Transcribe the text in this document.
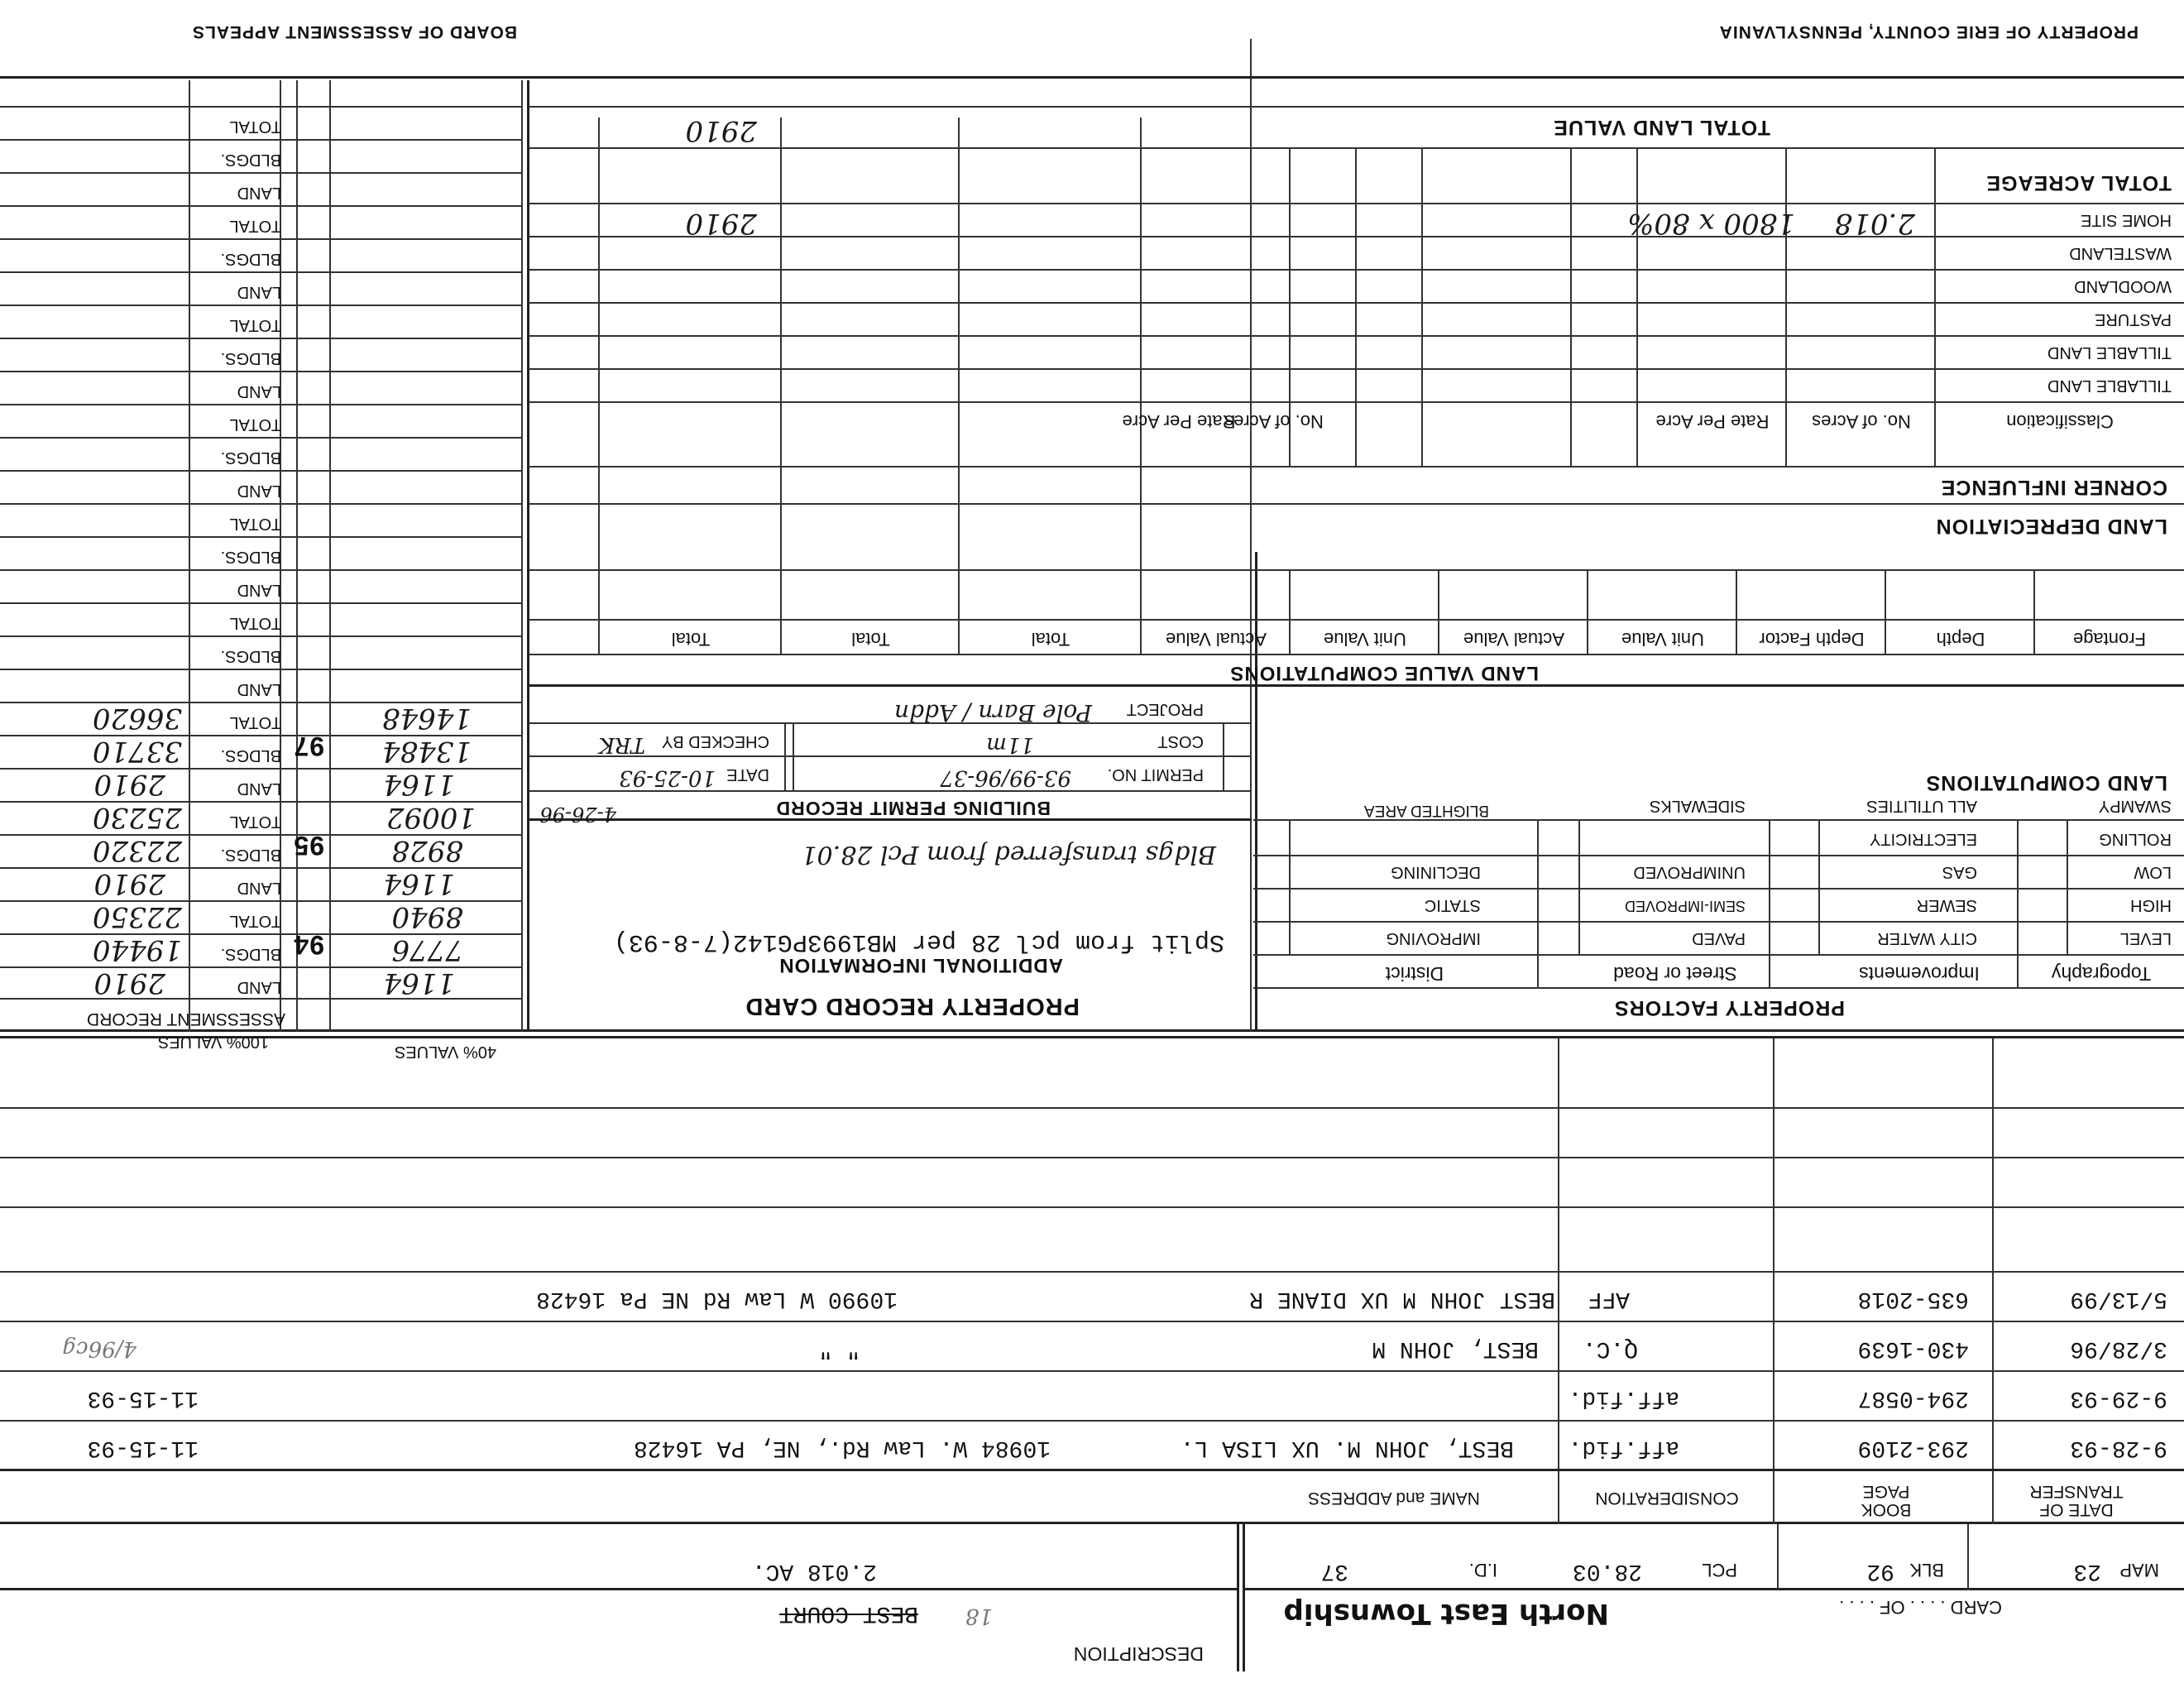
PROPERTY OF ERIE COUNTY, PENNSYLVANIA
BOARD OF ASSESSMENT APPEALS
CARD . . . . OF . . . .
North East Township
DESCRIPTION
BEST COURT 18
MAP
23
BLK
92
PCL
28.03
I.D.
37
2.018 AC.
DATE OF TRANSFER
BOOK PAGE
CONSIDERATION
NAME and ADDRESS
9-28-93
293-2109
aff.fid.
BEST, JOHN M. UX LISA L.
10984 W. Law Rd., NE, PA 16428
11-15-93
9-29-93
294-0587
aff.fid.
11-15-93
3/28/96
430-1639
Q.C.
BEST, JOHN M
" "
4/96cg
5/13/99
635-2018
AFF
BEST JOHN M UX DIANE R
10990 W Law Rd NE Pa 16428
PROPERTY FACTORS
Topography
Improvements
Street or Road
District
LEVEL
HIGH
LOW
ROLLING
SWAMPY
CITY WATER
SEWER
GAS
ELECTRICITY
ALL UTILITIES
PAVED
SEMI-IMPROVED
UNIMPROVED
SIDEWALKS
IMPROVING
STATIC
DECLINING
BLIGHTED AREA
LAND COMPUTATIONS
PROPERTY RECORD CARD
ADDITIONAL INFORMATION
Split from pcl 28 per MB1993PG142(7-8-93)
Bldgs transferred from Pcl 28.01
BUILDING PERMIT RECORD
4-26-96
PERMIT NO.
93-99/96-37
DATE
10-25-93
COST
11m
CHECKED BY
TRK
PROJECT
Pole Barn / Addn
LAND VALUE COMPUTATIONS
Frontage
Depth
Depth Factor
Unit Value
Actual Value
Unit Value
Actual Value
Total
Total
Total
LAND DEPRECIATION
CORNER INFLUENCE
Classification
No. of Acres
Rate Per Acre
No. of Acres
Rate Per Acre
TILLABLE LAND
TILLABLE LAND
PASTURE
WOODLAND
WASTELAND
HOME SITE
TOTAL ACREAGE
2.018
1800 x 80%
2910
TOTAL LAND VALUE
2910
40% VALUES
ASSESSMENT RECORD
100% VALUES
LAND
BLDGS.
TOTAL
1164
7776
8940
2910
19440
22350
94
LAND
BLDGS.
TOTAL
1164
8928
10092
2910
22320
25230
95
LAND
BLDGS.
TOTAL
1164
13484
14648
2910
33710
36620
97
LAND
BLDGS.
TOTAL
LAND
BLDGS.
TOTAL
LAND
BLDGS.
TOTAL
LAND
BLDGS.
TOTAL
LAND
BLDGS.
TOTAL
LAND
BLDGS.
TOTAL
